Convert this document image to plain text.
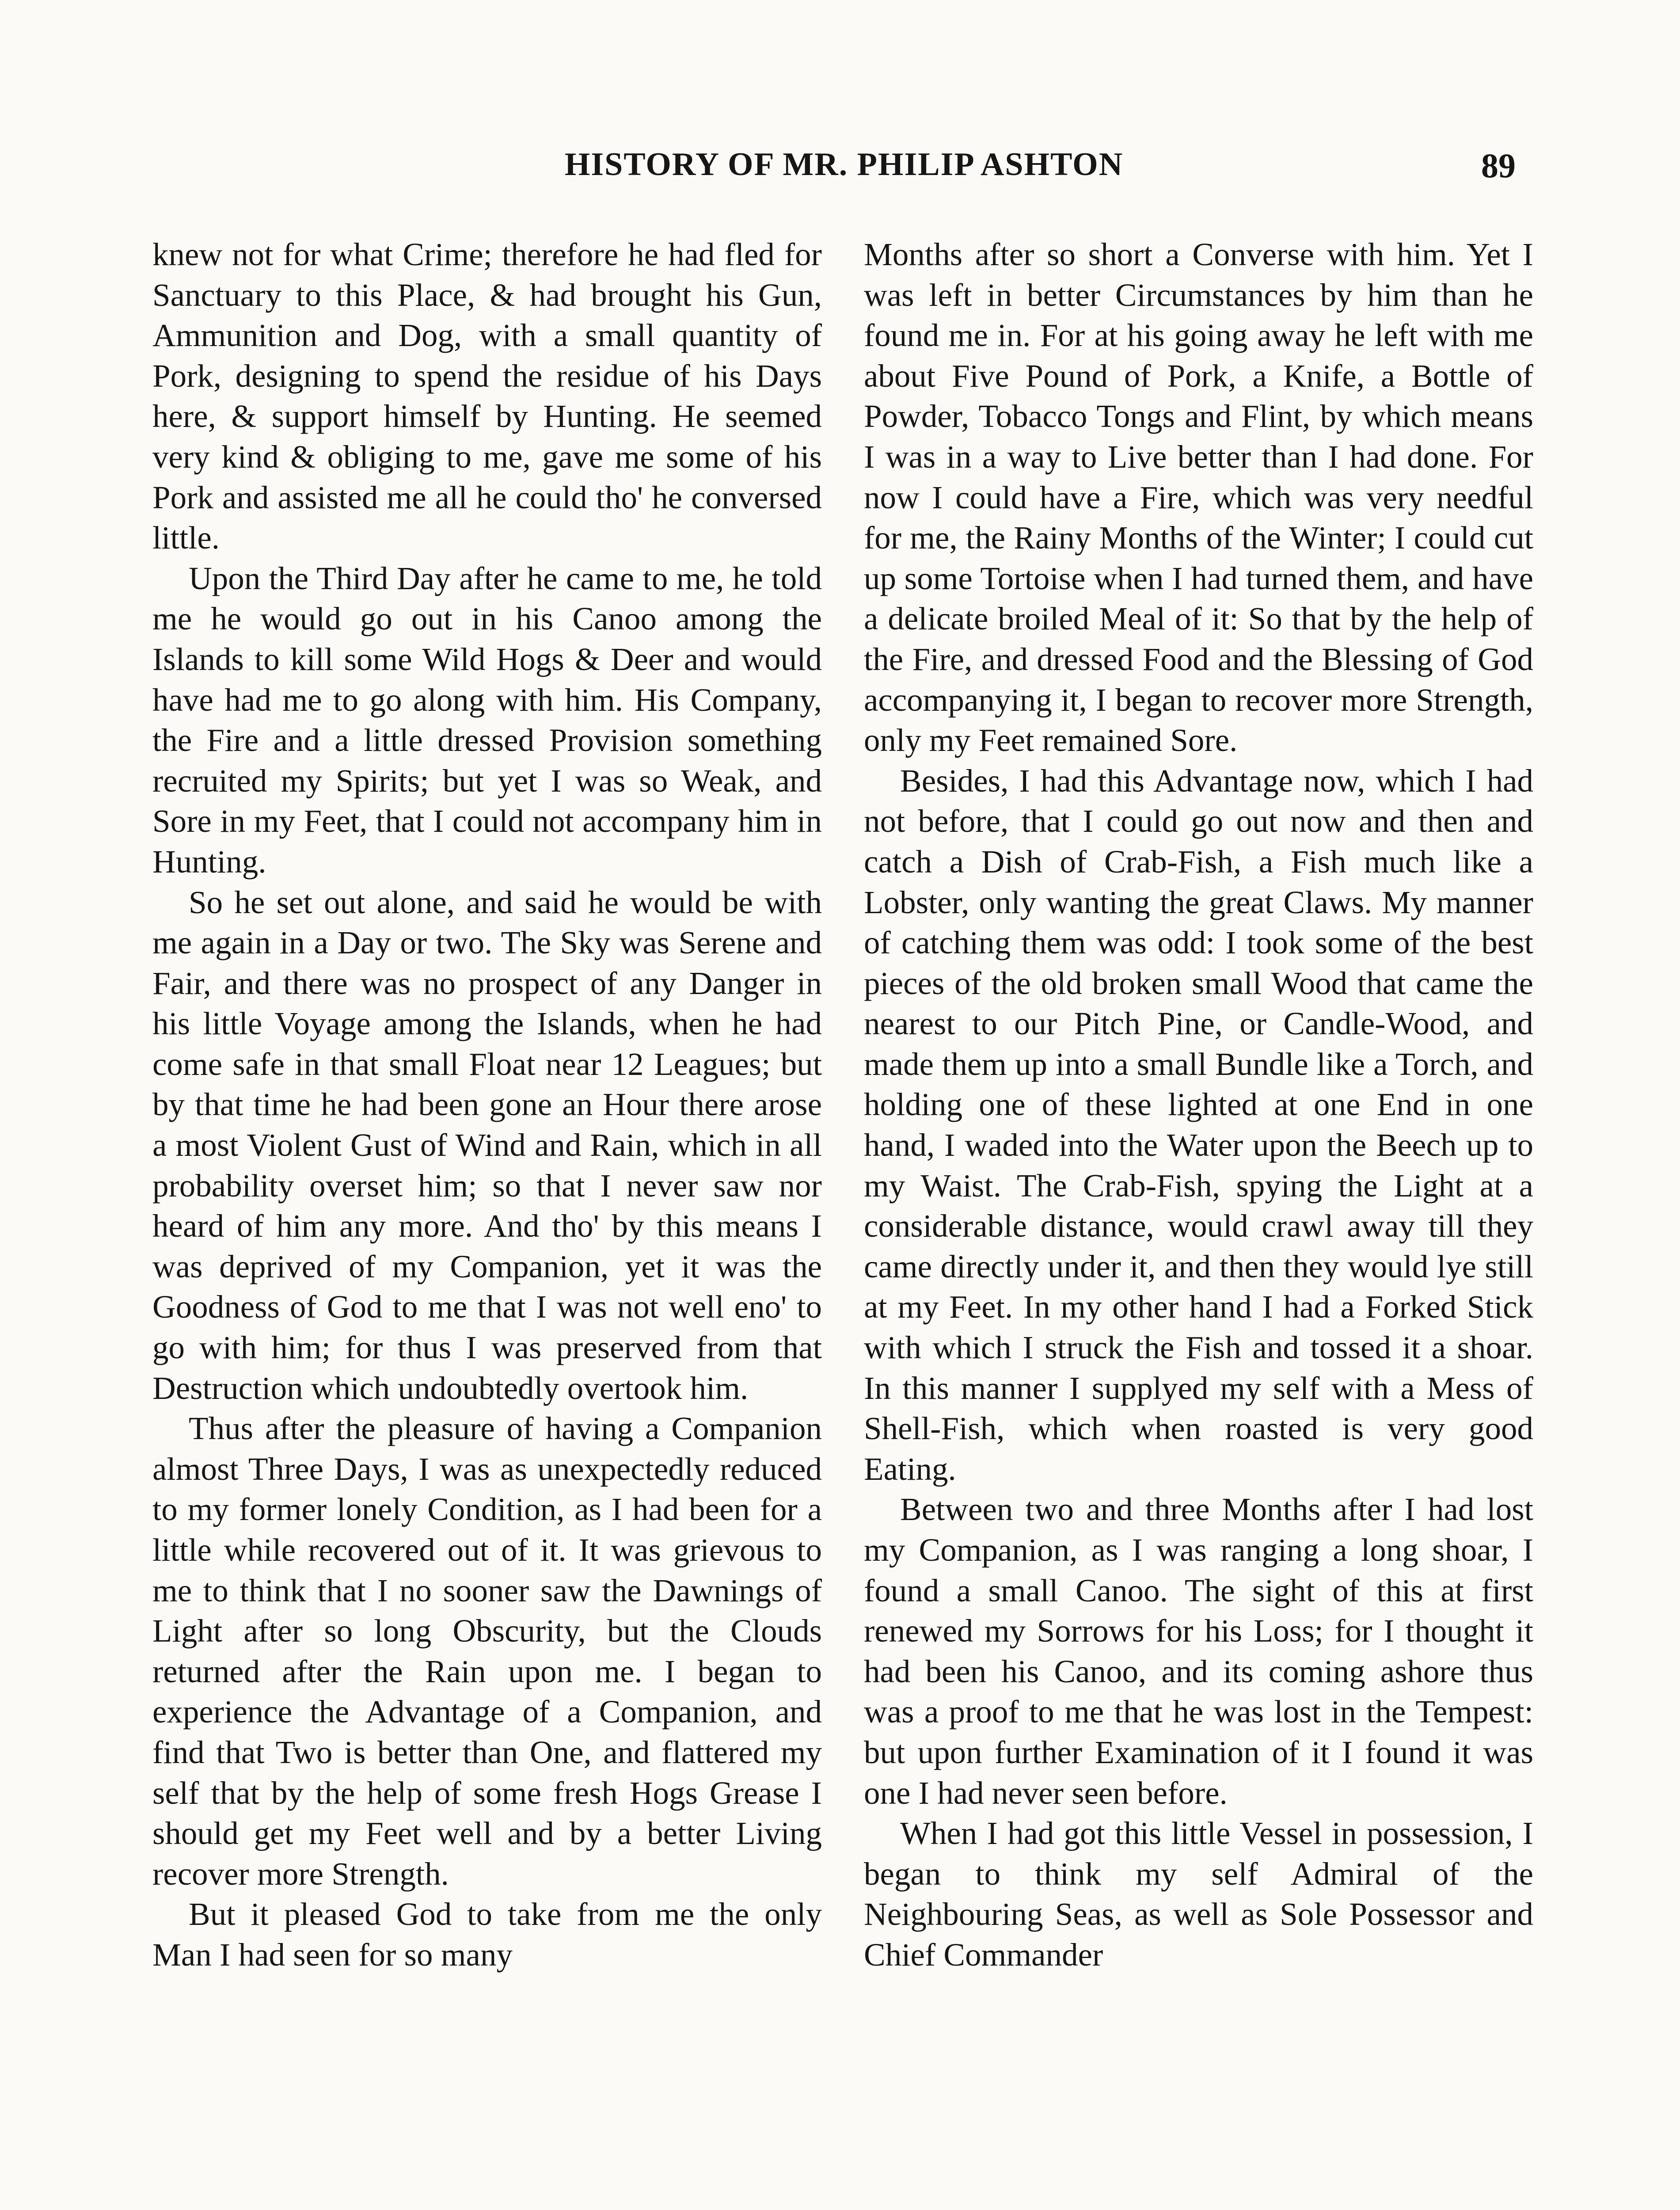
HISTORY OF MR. PHILIP ASHTON	89

knew not for what Crime; therefore he had fled for Sanctuary to this Place, & had brought his Gun, Ammunition and Dog, with a small quantity of Pork, designing to spend the residue of his Days here, & support himself by Hunting. He seemed very kind & obliging to me, gave me some of his Pork and assisted me all he could tho' he conversed little.

Upon the Third Day after he came to me, he told me he would go out in his Canoo among the Islands to kill some Wild Hogs & Deer and would have had me to go along with him. His Company, the Fire and a little dressed Provision something recruited my Spirits; but yet I was so Weak, and Sore in my Feet, that I could not accompany him in Hunting.

So he set out alone, and said he would be with me again in a Day or two. The Sky was Serene and Fair, and there was no prospect of any Danger in his little Voyage among the Islands, when he had come safe in that small Float near 12 Leagues; but by that time he had been gone an Hour there arose a most Violent Gust of Wind and Rain, which in all probability overset him; so that I never saw nor heard of him any more. And tho' by this means I was deprived of my Companion, yet it was the Goodness of God to me that I was not well eno' to go with him; for thus I was preserved from that Destruction which undoubtedly overtook him.

Thus after the pleasure of having a Companion almost Three Days, I was as unexpectedly reduced to my former lonely Condition, as I had been for a little while recovered out of it. It was grievous to me to think that I no sooner saw the Dawnings of Light after so long Obscurity, but the Clouds returned after the Rain upon me. I began to experience the Advantage of a Companion, and find that Two is better than One, and flattered my self that by the help of some fresh Hogs Grease I should get my Feet well and by a better Living recover more Strength.

But it pleased God to take from me the only Man I had seen for so many

Months after so short a Converse with him. Yet I was left in better Circumstances by him than he found me in. For at his going away he left with me about Five Pound of Pork, a Knife, a Bottle of Powder, Tobacco Tongs and Flint, by which means I was in a way to Live better than I had done. For now I could have a Fire, which was very needful for me, the Rainy Months of the Winter; I could cut up some Tortoise when I had turned them, and have a delicate broiled Meal of it: So that by the help of the Fire, and dressed Food and the Blessing of God accompanying it, I began to recover more Strength, only my Feet remained Sore.

Besides, I had this Advantage now, which I had not before, that I could go out now and then and catch a Dish of Crab-Fish, a Fish much like a Lobster, only wanting the great Claws. My manner of catching them was odd: I took some of the best pieces of the old broken small Wood that came the nearest to our Pitch Pine, or Candle-Wood, and made them up into a small Bundle like a Torch, and holding one of these lighted at one End in one hand, I waded into the Water upon the Beech up to my Waist. The Crab-Fish, spying the Light at a considerable distance, would crawl away till they came directly under it, and then they would lye still at my Feet. In my other hand I had a Forked Stick with which I struck the Fish and tossed it a shoar. In this manner I supplyed my self with a Mess of Shell-Fish, which when roasted is very good Eating.

Between two and three Months after I had lost my Companion, as I was ranging a long shoar, I found a small Canoo. The sight of this at first renewed my Sorrows for his Loss; for I thought it had been his Canoo, and its coming ashore thus was a proof to me that he was lost in the Tempest: but upon further Examination of it I found it was one I had never seen before.

When I had got this little Vessel in possession, I began to think my self Admiral of the Neighbouring Seas, as well as Sole Possessor and Chief Commander
